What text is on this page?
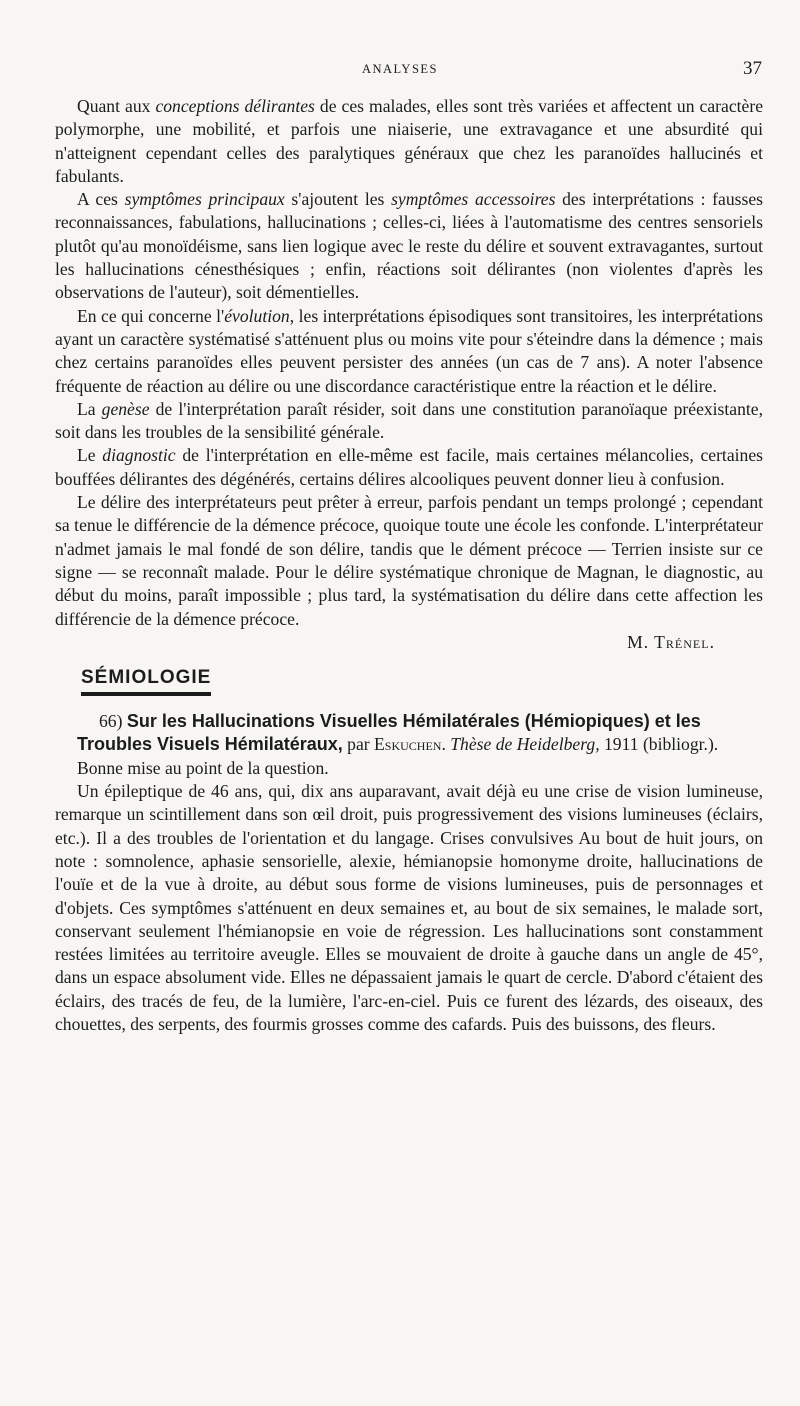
ANALYSES	37

Quant aux conceptions délirantes de ces malades, elles sont très variées et affectent un caractère polymorphe, une mobilité, et parfois une niaiserie, une extravagance et une absurdité qui n'atteignent cependant celles des paralytiques généraux que chez les paranoïdes hallucinés et fabulants.

A ces symptômes principaux s'ajoutent les symptômes accessoires des interprétations : fausses reconnaissances, fabulations, hallucinations ; celles-ci, liées à l'automatisme des centres sensoriels plutôt qu'au monoïdéisme, sans lien logique avec le reste du délire et souvent extravagantes, surtout les hallucinations cénesthésiques ; enfin, réactions soit délirantes (non violentes d'après les observations de l'auteur), soit démentielles.

En ce qui concerne l'évolution, les interprétations épisodiques sont transitoires, les interprétations ayant un caractère systématisé s'atténuent plus ou moins vite pour s'éteindre dans la démence ; mais chez certains paranoïdes elles peuvent persister des années (un cas de 7 ans). A noter l'absence fréquente de réaction au délire ou une discordance caractéristique entre la réaction et le délire.

La genèse de l'interprétation paraît résider, soit dans une constitution paranoïaque préexistante, soit dans les troubles de la sensibilité générale.

Le diagnostic de l'interprétation en elle-même est facile, mais certaines mélancolies, certaines bouffées délirantes des dégénérés, certains délires alcooliques peuvent donner lieu à confusion.

Le délire des interprétateurs peut prêter à erreur, parfois pendant un temps prolongé ; cependant sa tenue le différencie de la démence précoce, quoique toute une école les confonde. L'interprétateur n'admet jamais le mal fondé de son délire, tandis que le dément précoce — Terrien insiste sur ce signe — se reconnaît malade. Pour le délire systématique chronique de Magnan, le diagnostic, au début du moins, paraît impossible ; plus tard, la systématisation du délire dans cette affection les différencie de la démence précoce.

M. Trénel.

SÉMIOLOGIE

66) Sur les Hallucinations Visuelles Hémilatérales (Hémiopiques) et les Troubles Visuels Hémilatéraux, par Eskuchen. Thèse de Heidelberg, 1911 (bibliogr.).

Bonne mise au point de la question.

Un épileptique de 46 ans, qui, dix ans auparavant, avait déjà eu une crise de vision lumineuse, remarque un scintillement dans son œil droit, puis progressivement des visions lumineuses (éclairs, etc.). Il a des troubles de l'orientation et du langage. Crises convulsives Au bout de huit jours, on note : somnolence, aphasie sensorielle, alexie, hémianopsie homonyme droite, hallucinations de l'ouïe et de la vue à droite, au début sous forme de visions lumineuses, puis de personnages et d'objets. Ces symptômes s'atténuent en deux semaines et, au bout de six semaines, le malade sort, conservant seulement l'hémianopsie en voie de régression. Les hallucinations sont constamment restées limitées au territoire aveugle. Elles se mouvaient de droite à gauche dans un angle de 45°, dans un espace absolument vide. Elles ne dépassaient jamais le quart de cercle. D'abord c'étaient des éclairs, des tracés de feu, de la lumière, l'arc-en-ciel. Puis ce furent des lézards, des oiseaux, des chouettes, des serpents, des fourmis grosses comme des cafards. Puis des buissons, des fleurs.
